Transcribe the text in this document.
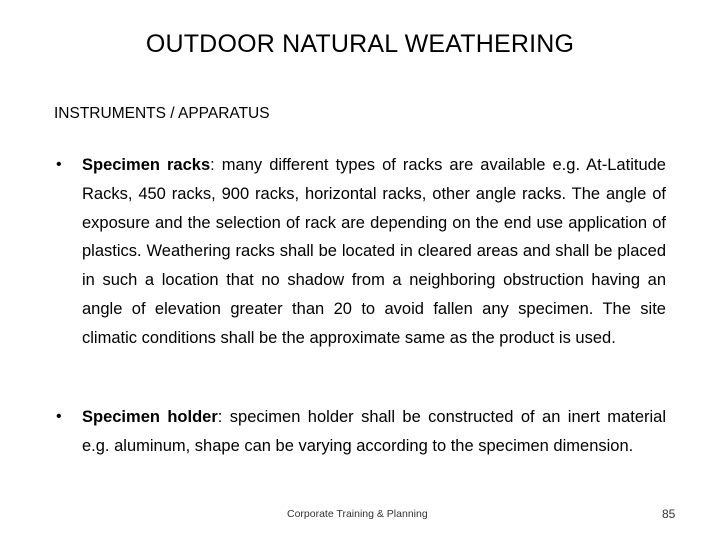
OUTDOOR NATURAL WEATHERING
INSTRUMENTS / APPARATUS
• Specimen racks: many different types of racks are available e.g. At-Latitude Racks, 450 racks, 900 racks, horizontal racks, other angle racks. The angle of exposure and the selection of rack are depending on the end use application of plastics. Weathering racks shall be located in cleared areas and shall be placed in such a location that no shadow from a neighboring obstruction having an angle of elevation greater than 20 to avoid fallen any specimen. The site climatic conditions shall be the approximate same as the product is used.
• Specimen holder: specimen holder shall be constructed of an inert material e.g. aluminum, shape can be varying according to the specimen dimension.
Corporate Training & Planning	85
